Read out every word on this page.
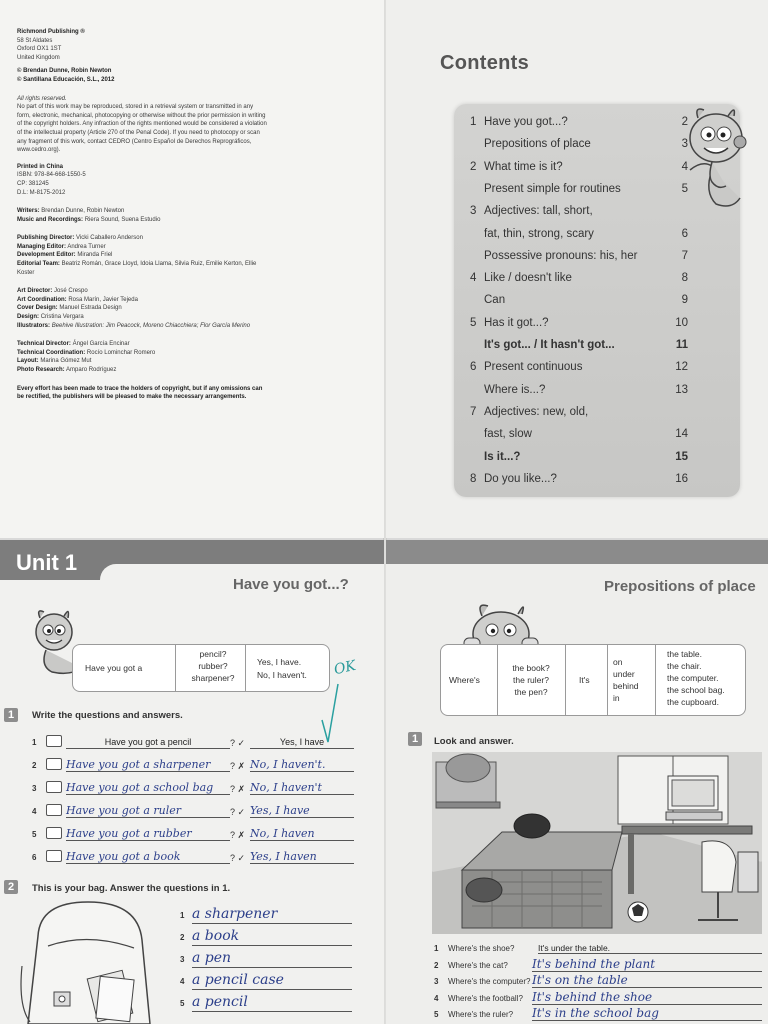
Richmond Publishing ®
58 St Aldates
Oxford OX1 1ST
United Kingdom

© Brendan Dunne, Robin Newton
© Santillana Educación, S.L., 2012

All rights reserved.
No part of this work may be reproduced, stored in a retrieval system or transmitted in any form, electronic, mechanical, photocopying or otherwise without the prior permission in writing of the copyright holders. Any infraction of the rights mentioned would be considered a violation of the intellectual property (Article 270 of the Penal Code). If you need to photocopy or scan any fragment of this work, contact CEDRO (Centro Español de Derechos Reprográficos, www.cedro.org).

Printed in China
ISBN: 978-84-668-1550-5
CP: 381245
D.L: M-8175-2012

Writers: Brendan Dunne, Robin Newton
Music and Recordings: Riera Sound, Suena Estudio

Publishing Director: Vicki Caballero Anderson
Managing Editor: Andrea Turner
Development Editor: Miranda Friel
Editorial Team: Beatriz Román, Grace Lloyd, Idoia Llama, Silvia Ruiz, Emilie Kerton, Ellie Koster

Art Director: José Crespo
Art Coordination: Rosa Marín, Javier Tejeda
Cover Design: Manuel Estrada Design
Design: Cristina Vergara
Illustrators: Beehive Illustration: Jim Peacock, Moreno Chiacchiera; Flor García Merino

Technical Director: Ángel García Encinar
Technical Coordination: Rocío Lominchar Romero
Layout: Marina Gómez Mut
Photo Research: Amparo Rodríguez

Every effort has been made to trace the holders of copyright, but if any omissions can be rectified, the publishers will be pleased to make the necessary arrangements.

Contents
1 Have you got...?	2
Prepositions of place	3
2 What time is it?	4
Present simple for routines	5
3 Adjectives: tall, short,
fat, thin, strong, scary	6
Possessive pronouns: his, her	7
4 Like / doesn't like	8
Can	9
5 Has it got...?	10
It's got... / It hasn't got...	11
6 Present continuous	12
Where is...?	13
7 Adjectives: new, old,
fast, slow	14
Is it...?	15
8 Do you like...?	16
Unit 1
Have you got...?
Have you got a
pencil?
rubber?
sharpener?
Yes, I have.
No, I haven't. OK
1	Write the questions and answers.
1	Have you got a pencil	? ✓	Yes, I have
2	Have you got a sharpener	? ✗ No, I haven't.
3	Have you got a school bag	? ✗ No, I haven't
4	Have you got a ruler	? ✓ Yes, I have
5	Have you got a rubber	? ✗ No, I haven
6	Have you got a book	? ✓ Yes, I haven
2	This is your bag. Answer the questions in 1.
1 a sharpener
2 a book
3 a pen
4 a pencil case
5 a pencil
Prepositions of place
Where's
the book?
the ruler?
the pen?
It's
on
under
behind
in
the table.
the chair.
the computer.
the school bag.
the cupboard.
1	Look and answer.
1 Where's the shoe?	It's under the table.
2 Where's the cat? It's behind the plant
3 Where's the computer? It's on the table
4 Where's the football? It's behind the shoe
5 Where's the ruler? It's in the school bag
